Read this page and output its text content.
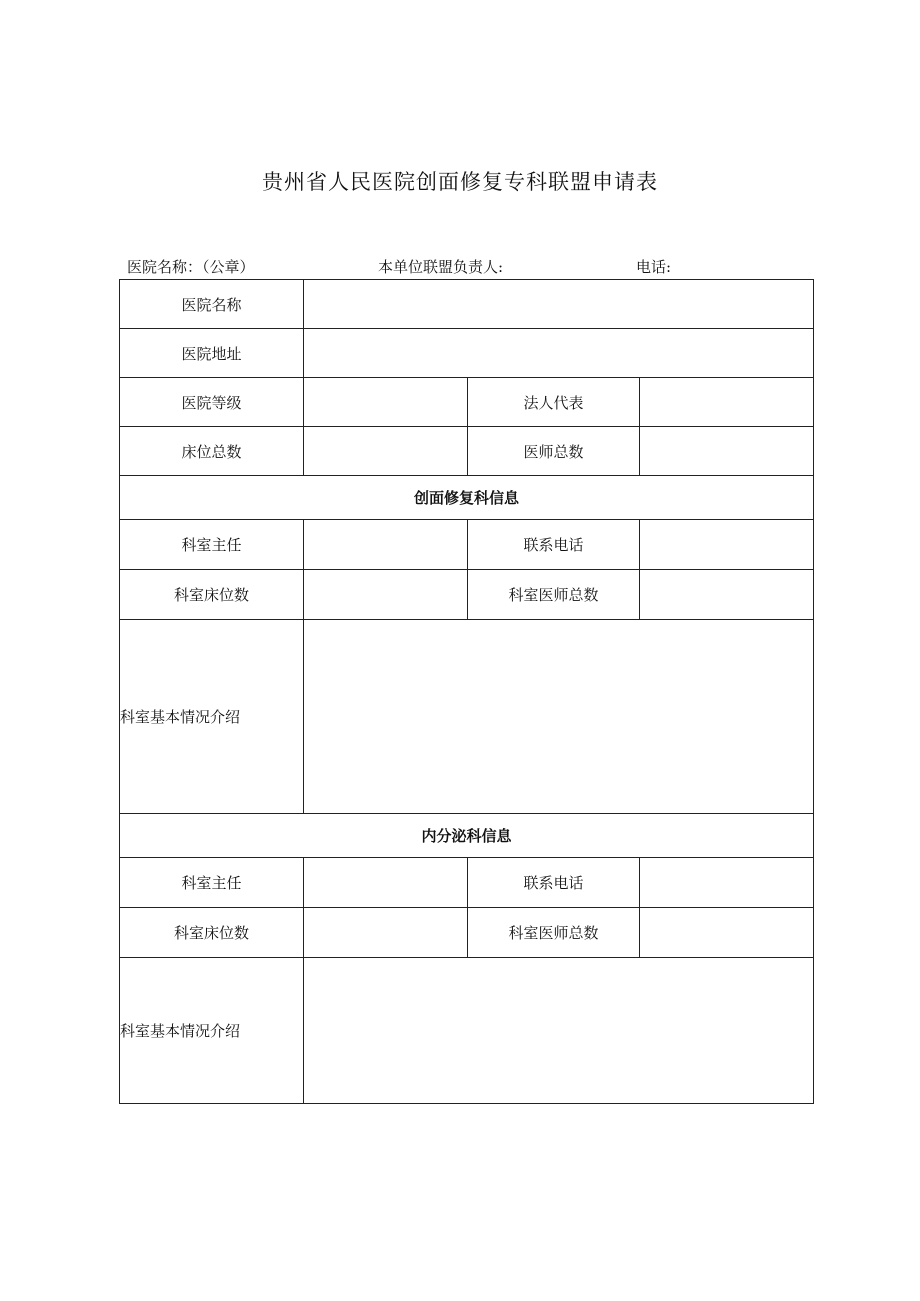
贵州省人民医院创面修复专科联盟申请表
医院名称：（公章）	本单位联盟负责人:	电话:
医院名称			
医院地址			
医院等级		法人代表	
床位总数		医师总数	
创面修复科信息			
科室主任		联系电话	
科室床位数		科室医师总数	
科室基本情况介绍			
内分泌科信息			
科室主任		联系电话	
科室床位数		科室医师总数	
科室基本情况介绍			
